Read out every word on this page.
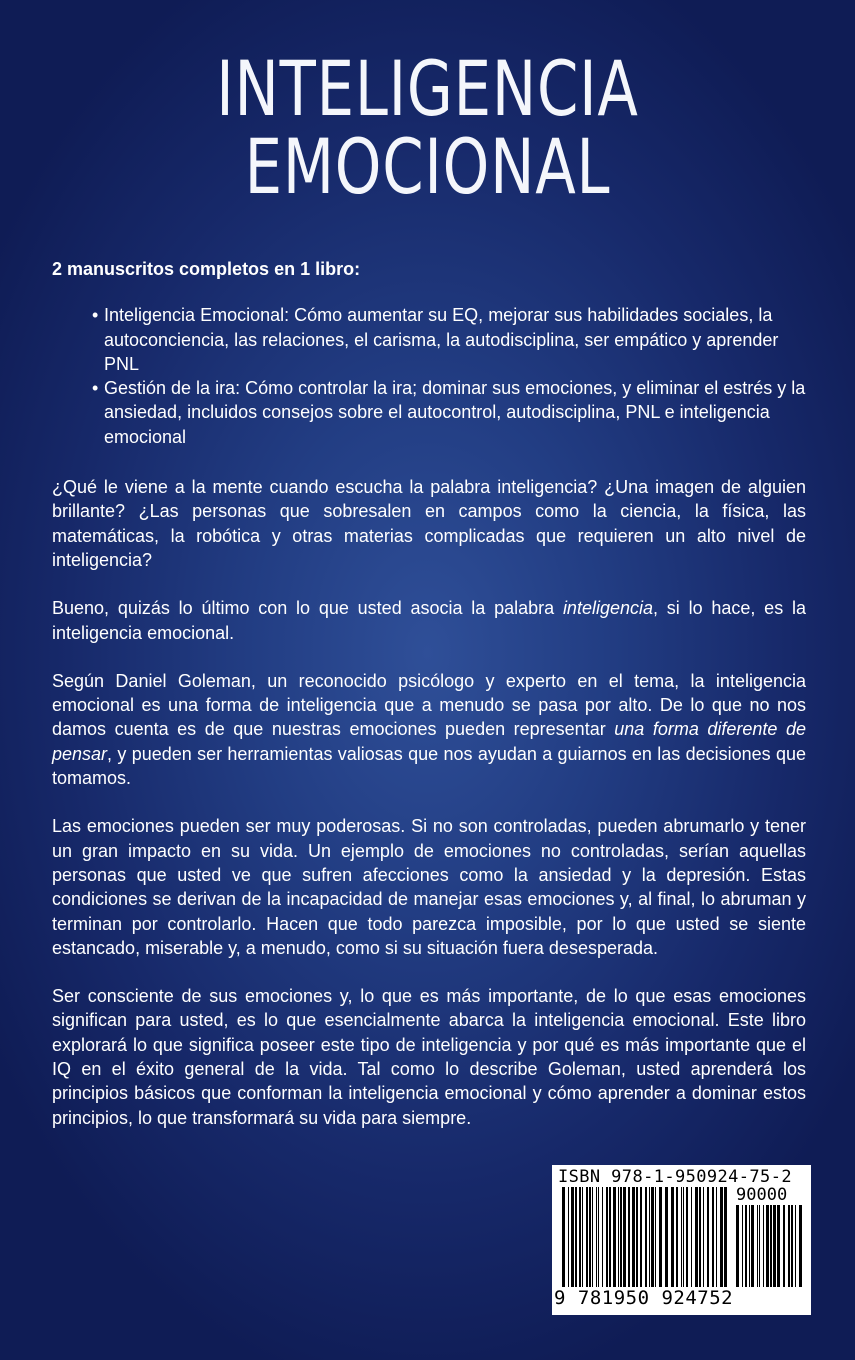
INTELIGENCIA
EMOCIONAL

2 manuscritos completos en 1 libro:

• Inteligencia Emocional: Cómo aumentar su EQ, mejorar sus habilidades sociales, la autoconciencia, las relaciones, el carisma, la autodisciplina, ser empático y aprender PNL
• Gestión de la ira: Cómo controlar la ira; dominar sus emociones, y eliminar el estrés y la ansiedad, incluidos consejos sobre el autocontrol, autodisciplina, PNL e inteligencia emocional

¿Qué le viene a la mente cuando escucha la palabra inteligencia? ¿Una imagen de alguien brillante? ¿Las personas que sobresalen en campos como la ciencia, la física, las matemáticas, la robótica y otras materias complicadas que requieren un alto nivel de inteligencia?

Bueno, quizás lo último con lo que usted asocia la palabra inteligencia, si lo hace, es la inteligencia emocional.

Según Daniel Goleman, un reconocido psicólogo y experto en el tema, la inteligencia emocional es una forma de inteligencia que a menudo se pasa por alto. De lo que no nos damos cuenta es de que nuestras emociones pueden representar una forma diferente de pensar, y pueden ser herramientas valiosas que nos ayudan a guiarnos en las decisiones que tomamos.

Las emociones pueden ser muy poderosas. Si no son controladas, pueden abrumarlo y tener un gran impacto en su vida. Un ejemplo de emociones no controladas, serían aquellas personas que usted ve que sufren afecciones como la ansiedad y la depresión. Estas condiciones se derivan de la incapacidad de manejar esas emociones y, al final, lo abruman y terminan por controlarlo. Hacen que todo parezca imposible, por lo que usted se siente estancado, miserable y, a menudo, como si su situación fuera desesperada.

Ser consciente de sus emociones y, lo que es más importante, de lo que esas emociones significan para usted, es lo que esencialmente abarca la inteligencia emocional. Este libro explorará lo que significa poseer este tipo de inteligencia y por qué es más importante que el IQ en el éxito general de la vida. Tal como lo describe Goleman, usted aprenderá los principios básicos que conforman la inteligencia emocional y cómo aprender a dominar estos principios, lo que transformará su vida para siempre.

ISBN 978-1-950924-75-2
90000
9 781950 924752
